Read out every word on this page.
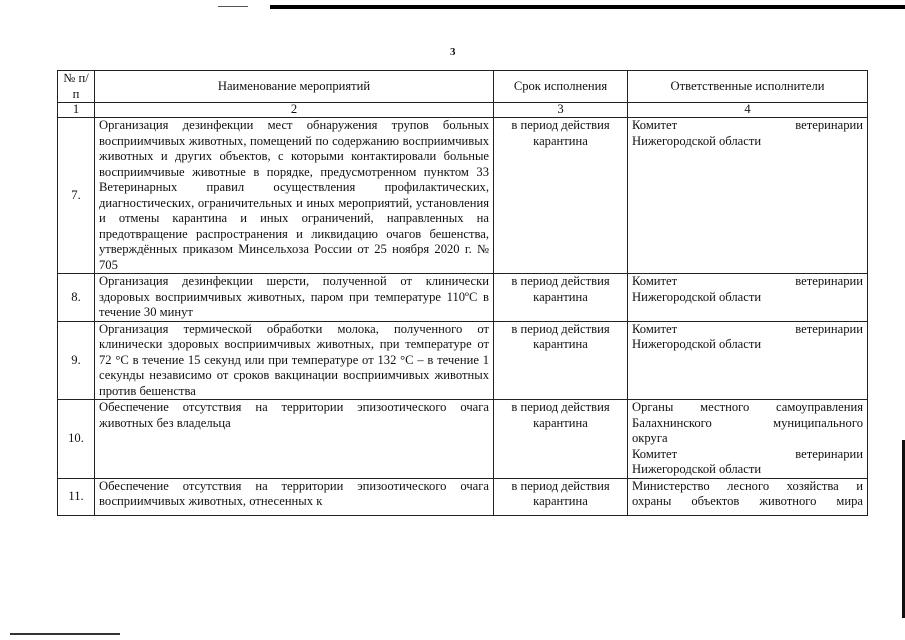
3
№ п/п	Наименование мероприятий	Срок исполнения	Ответственные исполнители
1	2	3	4
7.	Организация дезинфекции мест обнаружения трупов больных восприимчивых животных, помещений по содержанию восприимчивых животных и других объектов, с которыми контактировали больные восприимчивые животные в порядке, предусмотренном пунктом 33 Ветеринарных правил осуществления профилактических, диагностических, ограничительных и иных мероприятий, установления и отмены карантина и иных ограничений, направленных на предотвращение распространения и ликвидацию очагов бешенства, утверждённых приказом Минсельхоза России от 25 ноября 2020 г. № 705	в период действия карантина	Комитет ветеринарии
Нижегородской области

8.	Организация дезинфекции шерсти, полученной от клинически здоровых восприимчивых животных, паром при температуре 110ºС в течение 30 минут	в период действия карантина	Комитет ветеринарии
Нижегородской области

9.	Организация термической обработки молока, полученного от клинически здоровых восприимчивых животных, при температуре от 72 °С в течение 15 секунд или при температуре от 132 °С – в течение 1 секунды независимо от сроков вакцинации восприимчивых животных против бешенства	в период действия карантина	Комитет ветеринарии
Нижегородской области

10.	Обеспечение отсутствия на территории эпизоотического очага животных без владельца	в период действия карантина	Органы местного самоуправления
Балахнинского муниципального
округа
Комитет ветеринарии
Нижегородской области

11.	Обеспечение отсутствия на территории эпизоотического очага восприимчивых животных, отнесенных к	в период действия карантина	Министерство лесного хозяйства и
охраны объектов животного мира
